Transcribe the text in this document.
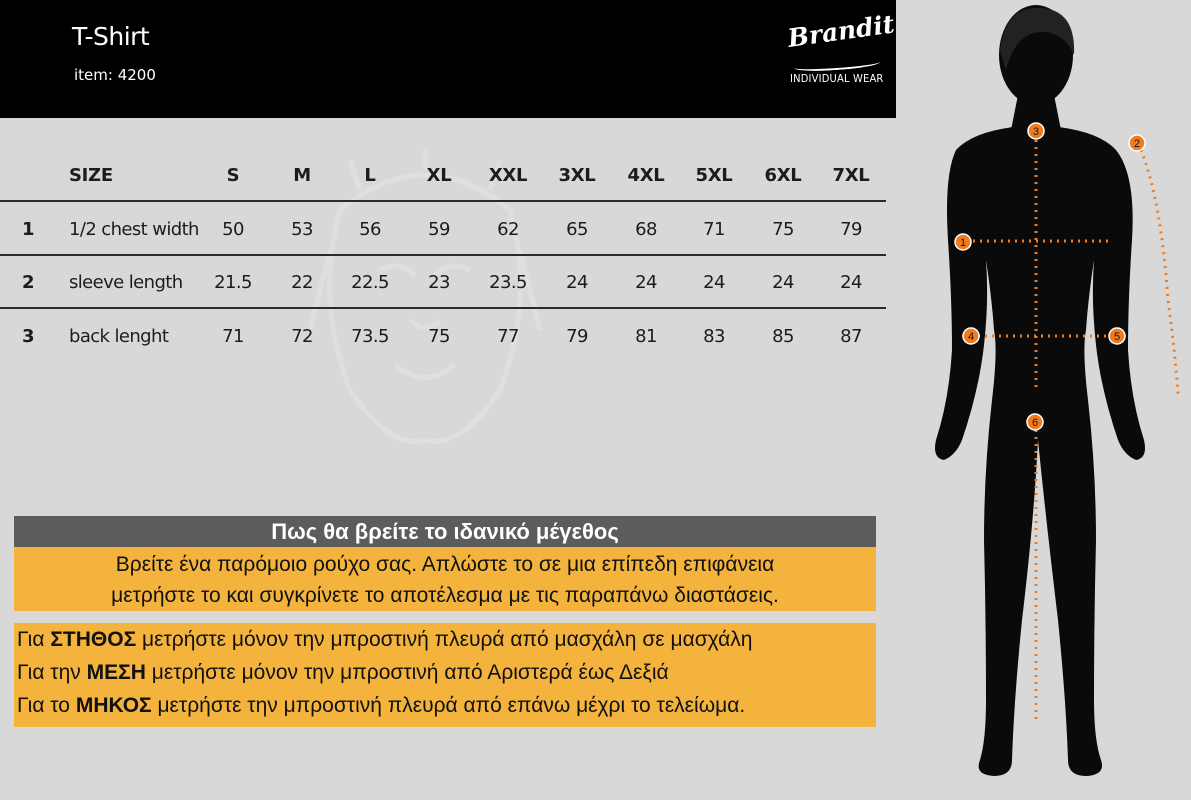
T-Shirt
item: 4200
Brandit
INDIVIDUAL WEAR
SIZE	S	M	L	XL	XXL	3XL	4XL	5XL	6XL	7XL
1	1/2 chest width	50	53	56	59	62	65	68	71	75	79
2	sleeve length	21.5	22	22.5	23	23.5	24	24	24	24	24
3	back lenght	71	72	73.5	75	77	79	81	83	85	87
Πως θα βρείτε το ιδανικό μέγεθος
Βρείτε ένα παρόμοιο ρούχο σας. Απλώστε το σε μια επίπεδη επιφάνεια
μετρήστε το και συγκρίνετε το αποτέλεσμα με τις παραπάνω διαστάσεις.
Για ΣΤΗΘΟΣ μετρήστε μόνον την μπροστινή πλευρά από μασχάλη σε μασχάλη
Για την ΜΕΣΗ μετρήστε μόνον την μπροστινή από Αριστερά έως Δεξιά
Για το ΜΗΚΟΣ μετρήστε την μπροστινή πλευρά από επάνω μέχρι το τελείωμα.
3
2
1
4	5
6
